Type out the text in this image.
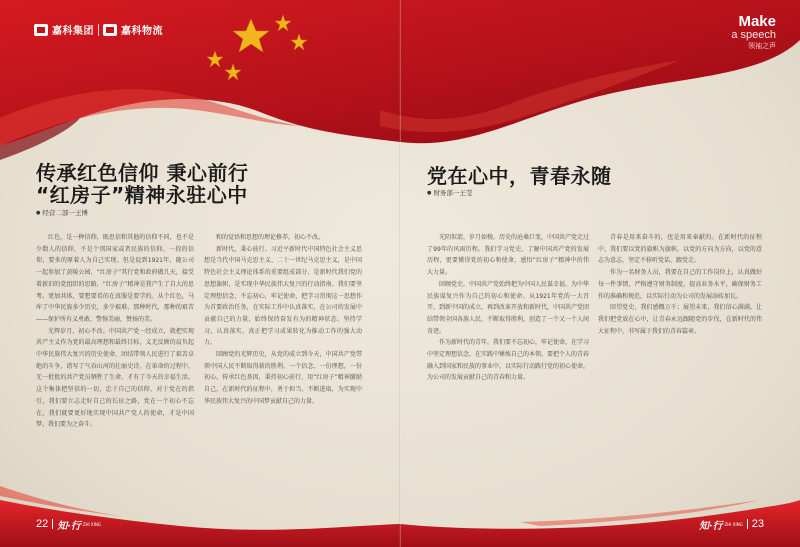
嘉科集团	嘉科物流
Make
a speech
领袖之声
传承红色信仰 秉心前行
“红房子”精神永驻心中
● 经营二部一王博

红色，是一种信仰，既思信和其他的信仰不同，也不是少数人的信仰，不是个别国家或者民族的信仰。一段的信仰，要多的原着人为自己实现。但是说到1921年，随公司一起参加了黄陵公园，“红房子”其行党和政府做几天，接受着新旧的党组织的思路，“红房子”精神是我产生了自大的思考。更加共体，要想要看的在真服是要学的。从个红色，马库了中华民族多少历史，多少艰难，那种时代，那种的艰苦——保护所有义勇敢，警惕美丽，赞扬的美。

光辉岁月，初心不改。中国共产党一经成立，就把实现共产主义作为党的最高理想和最终目标，义无反顾的肩负起中华民族伟大复兴的历史使命，团结带领人民进行了艰苦卓绝的斗争，谱写了气吞山河的壮丽史诗。在革命的过程中，无一批批的共产党员牺牲了生命，才有了今天的幸福生活。这个集体把坚信的一切，忠于自己的信仰，对于党在的指引，我们要立志走好自己的长征之路，党在一个初心不忘在，我们就要更好地实现中国共产党人的使命，才是中国梦。我们要为之奋斗。

和的觉悟和思想的理论修养，初心不改。

新时代，秉心前行。习近平新时代中国特色社会主义思想是当代中国马克思主义、二十一世纪马克思主义，是中国特色社会主义理论体系的重要组成部分，是新时代我们党的思想旗帜，是实现中华民族伟大复兴的行动指南。我们要坚定理想信念，不忘初心，牢记使命，把学习贯彻这一思想作为首要政治任务，在实际工作中认真落实，在公司的发展中贡献自己的力量，始终保持奋发有为的精神状态。坚持学习，认真落实，真正把学习成果转化为推动工作的强大动力。

回顾党的光辉历史，从党的成立到今天，中国共产党带领中国人民不断取得新的胜利。一个信念，一份理想，一份初心。传承红色基因，秉持初心前行，用“红房子”精神激励自己，在新时代的征程中，勇于担当、不断进取，为实现中华民族伟大复兴的中国梦贡献自己的力量。

党在心中，青春永随
● 财务部一王莹

光阴似箭，岁月如梭。历史的沧桑巨变，中国共产党走过了99年的风雨历程。我们学习党史，了解中国共产党的发展历程，更要懂得党的初心和使命，感悟“红房子”精神中的伟大力量。

回顾党史，中国共产党始终把为中国人民谋幸福、为中华民族谋复兴作为自己的初心和使命。从1921年党的一大召开，到新中国的成立，再到改革开放和新时代，中国共产党团结带领全国各族人民，不断取得胜利，创造了一个又一个人间奇迹。

作为新时代的青年，我们要不忘初心，牢记使命，在学习中坚定理想信念，在实践中锤炼自己的本领。要把个人的青春融入到国家和民族的事业中，以实际行动践行党的初心使命，为公司的发展贡献自己的青春和力量。

青春是用来奋斗的，也是用来奉献的。在新时代的征程中，我们要以党的旗帜为旗帜，以党的方向为方向，以党的意志为意志，坚定不移听党话、跟党走。

作为一名财务人员，我要在自己的工作岗位上，认真做好每一件事情，严格遵守财务制度，提高业务水平，确保财务工作的准确和规范，以实际行动为公司的发展添砖加瓦。

回望党史，我们感慨万千；展望未来，我们信心满满。让我们把党放在心中，让青春永远跟随党的步伐，在新时代的伟大征程中，书写属于我们的青春篇章。

22 知·行 ZHI XING	知·行 ZHI XING 23
